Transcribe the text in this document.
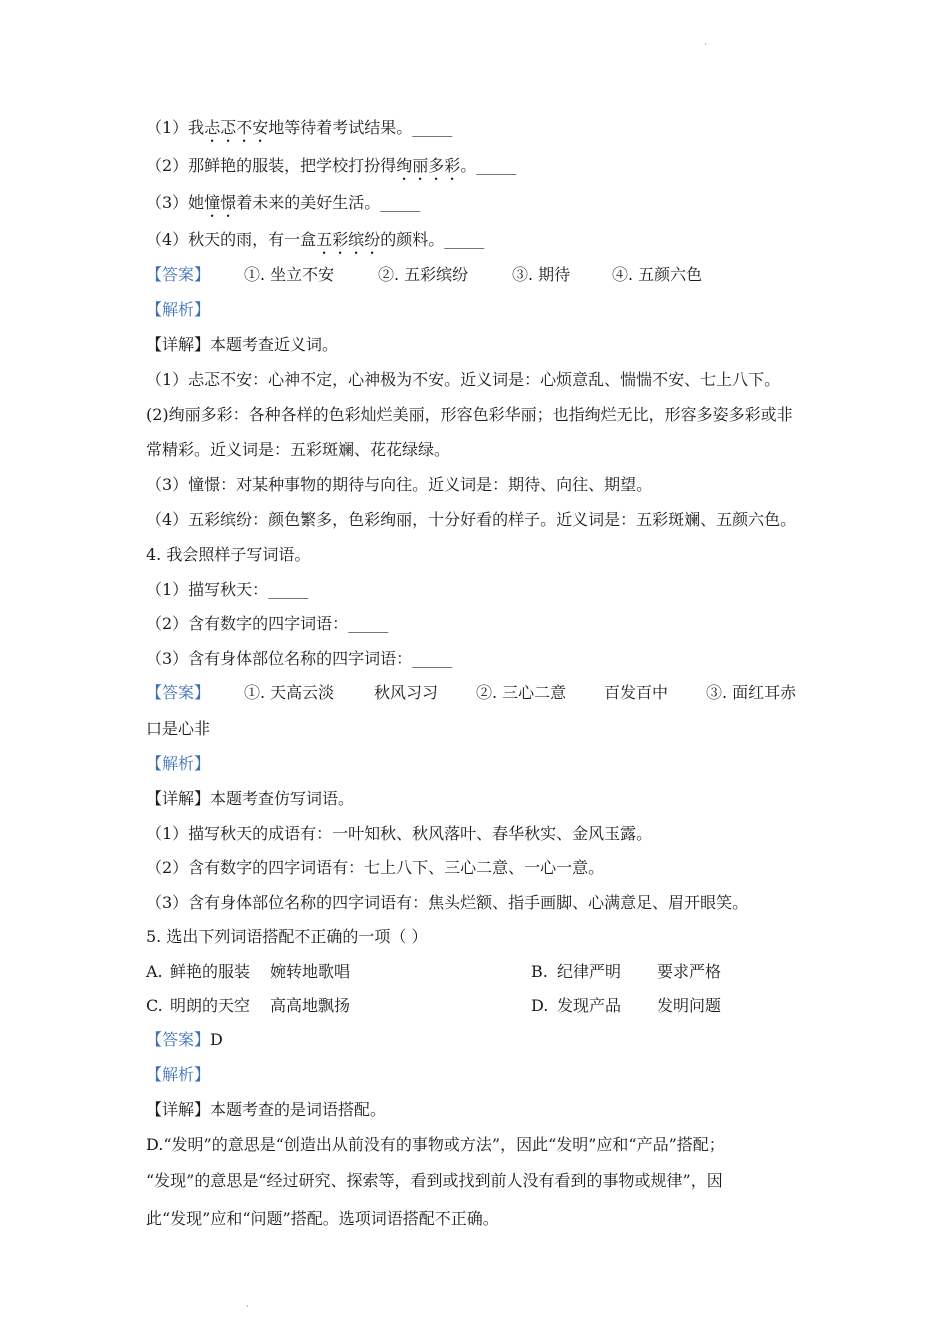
·
（1）我忐忑不安地等待着考试结果。_____
（2）那鲜艳的服装，把学校打扮得绚丽多彩。_____
（3）她憧憬着未来的美好生活。_____
（4）秋天的雨，有一盒五彩缤纷的颜料。_____
【答案】 ①. 坐立不安	②. 五彩缤纷	③. 期待	④. 五颜六色
【解析】
【详解】本题考查近义词。
（1）忐忑不安：心神不定，心神极为不安。近义词是：心烦意乱、惴惴不安、七上八下。
(2)绚丽多彩：各种各样的色彩灿烂美丽，形容色彩华丽；也指绚烂无比，形容多姿多彩或非
常精彩。近义词是：五彩斑斓、花花绿绿。
（3）憧憬：对某种事物的期待与向往。近义词是：期待、向往、期望。
（4）五彩缤纷：颜色繁多，色彩绚丽，十分好看的样子。近义词是：五彩斑斓、五颜六色。
4. 我会照样子写词语。
（1）描写秋天：_____
（2）含有数字的四字词语：_____
（3）含有身体部位名称的四字词语：_____
【答案】 ①. 天高云淡 秋风习习 ②. 三心二意 百发百中 ③. 面红耳赤
口是心非
【解析】
【详解】本题考查仿写词语。
（1）描写秋天的成语有：一叶知秋、秋风落叶、春华秋实、金风玉露。
（2）含有数字的四字词语有：七上八下、三心二意、一心一意。
（3）含有身体部位名称的四字词语有：焦头烂额、指手画脚、心满意足、眉开眼笑。
5. 选出下列词语搭配不正确的一项（ ）
A. 鲜艳的服装 婉转地歌唱	B. 纪律严明 要求严格
C. 明朗的天空 高高地飘扬	D. 发现产品 发明问题
【答案】D
【解析】
【详解】本题考查的是词语搭配。
D.“发明”的意思是“创造出从前没有的事物或方法”，因此“发明”应和“产品”搭配；
“发现”的意思是“经过研究、探索等，看到或找到前人没有看到的事物或规律”，因
此“发现”应和“问题”搭配。选项词语搭配不正确。
·
